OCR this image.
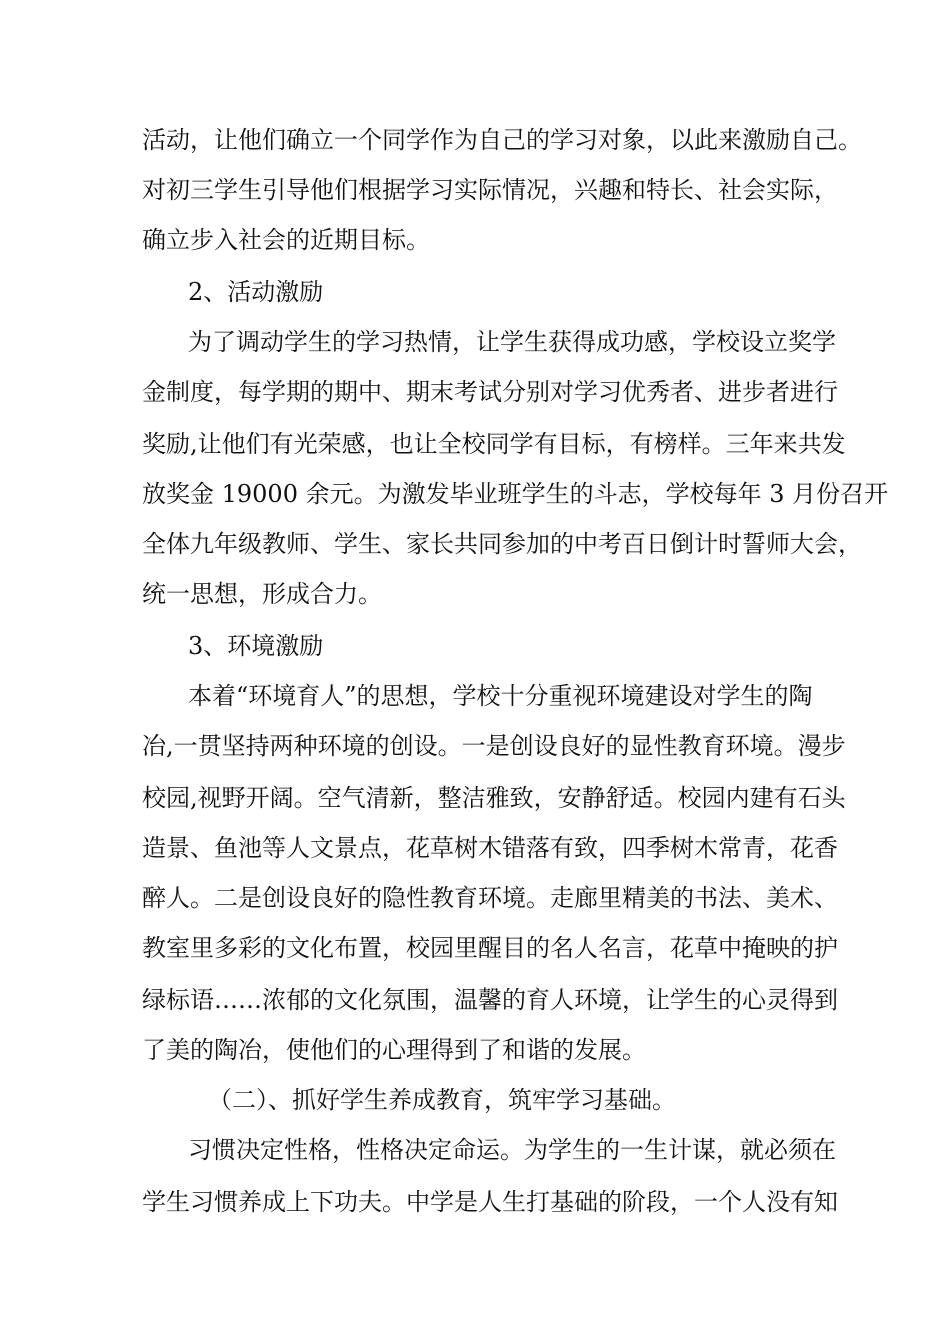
活动，让他们确立一个同学作为自己的学习对象，以此来激励自己。
对初三学生引导他们根据学习实际情况，兴趣和特长、社会实际，
确立步入社会的近期目标。
2、活动激励
为了调动学生的学习热情，让学生获得成功感，学校设立奖学
金制度，每学期的期中、期末考试分别对学习优秀者、进步者进行
奖励,让他们有光荣感，也让全校同学有目标，有榜样。三年来共发
放奖金 19000 余元。为激发毕业班学生的斗志，学校每年 3 月份召开
全体九年级教师、学生、家长共同参加的中考百日倒计时誓师大会，
统一思想，形成合力。
3、环境激励
本着“环境育人”的思想，学校十分重视环境建设对学生的陶
冶,一贯坚持两种环境的创设。一是创设良好的显性教育环境。漫步
校园,视野开阔。空气清新，整洁雅致，安静舒适。校园内建有石头
造景、鱼池等人文景点，花草树木错落有致，四季树木常青，花香
醉人。二是创设良好的隐性教育环境。走廊里精美的书法、美术、
教室里多彩的文化布置，校园里醒目的名人名言，花草中掩映的护
绿标语……浓郁的文化氛围，温馨的育人环境，让学生的心灵得到
了美的陶冶，使他们的心理得到了和谐的发展。
（二）、抓好学生养成教育，筑牢学习基础。
习惯决定性格，性格决定命运。为学生的一生计谋，就必须在
学生习惯养成上下功夫。中学是人生打基础的阶段，一个人没有知
